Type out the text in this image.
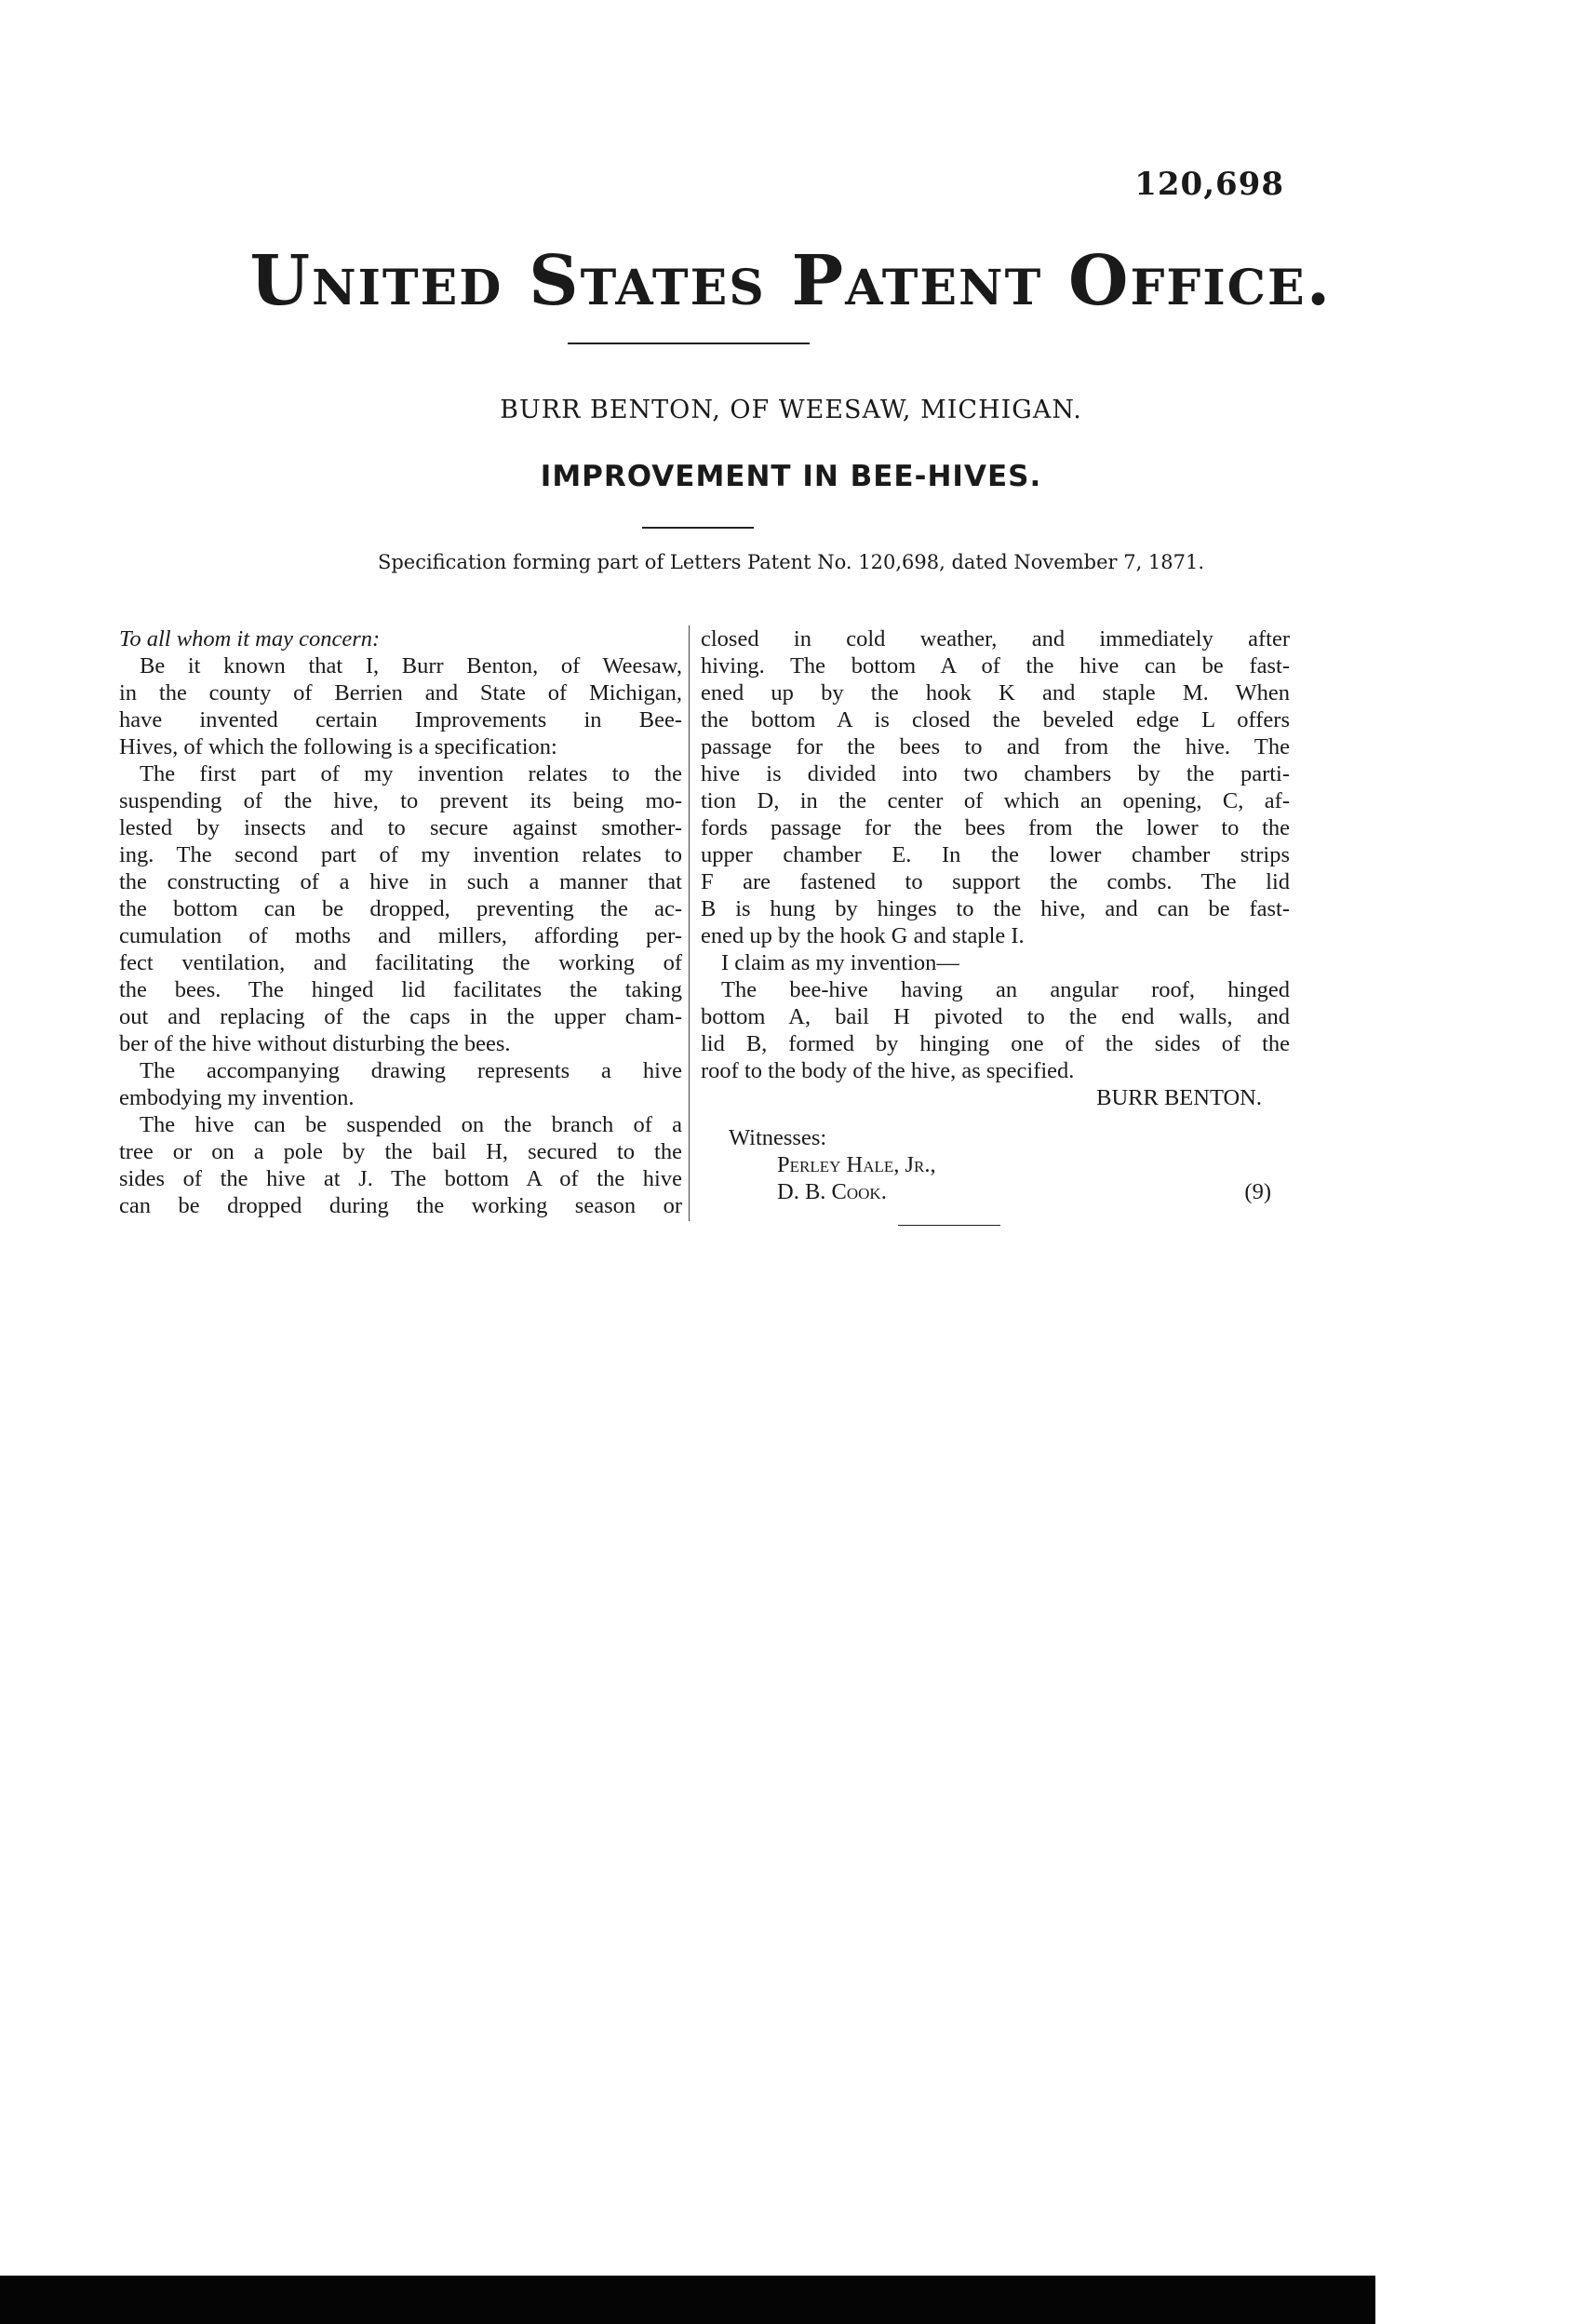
120,698
United States Patent Office.
BURR BENTON, OF WEESAW, MICHIGAN.
IMPROVEMENT IN BEE-HIVES.
Specification forming part of Letters Patent No. 120,698, dated November 7, 1871.
To all whom it may concern:
Be it known that I, Burr Benton, of Weesaw,
in the county of Berrien and State of Michigan,
have invented certain Improvements in Bee-
Hives, of which the following is a specification:
The first part of my invention relates to the
suspending of the hive, to prevent its being mo-
lested by insects and to secure against smother-
ing. The second part of my invention relates to
the constructing of a hive in such a manner that
the bottom can be dropped, preventing the ac-
cumulation of moths and millers, affording per-
fect ventilation, and facilitating the working of
the bees. The hinged lid facilitates the taking
out and replacing of the caps in the upper cham-
ber of the hive without disturbing the bees.
The accompanying drawing represents a hive
embodying my invention.
The hive can be suspended on the branch of a
tree or on a pole by the bail H, secured to the
sides of the hive at J. The bottom A of the hive
can be dropped during the working season or
closed in cold weather, and immediately after
hiving. The bottom A of the hive can be fast-
ened up by the hook K and staple M. When
the bottom A is closed the beveled edge L offers
passage for the bees to and from the hive. The
hive is divided into two chambers by the parti-
tion D, in the center of which an opening, C, af-
fords passage for the bees from the lower to the
upper chamber E. In the lower chamber strips
F are fastened to support the combs. The lid
B is hung by hinges to the hive, and can be fast-
ened up by the hook G and staple I.
I claim as my invention—
The bee-hive having an angular roof, hinged
bottom A, bail H pivoted to the end walls, and
lid B, formed by hinging one of the sides of the
roof to the body of the hive, as specified.
BURR BENTON.
Witnesses:
Perley Hale, Jr.,
D. B. Cook.	(9)
